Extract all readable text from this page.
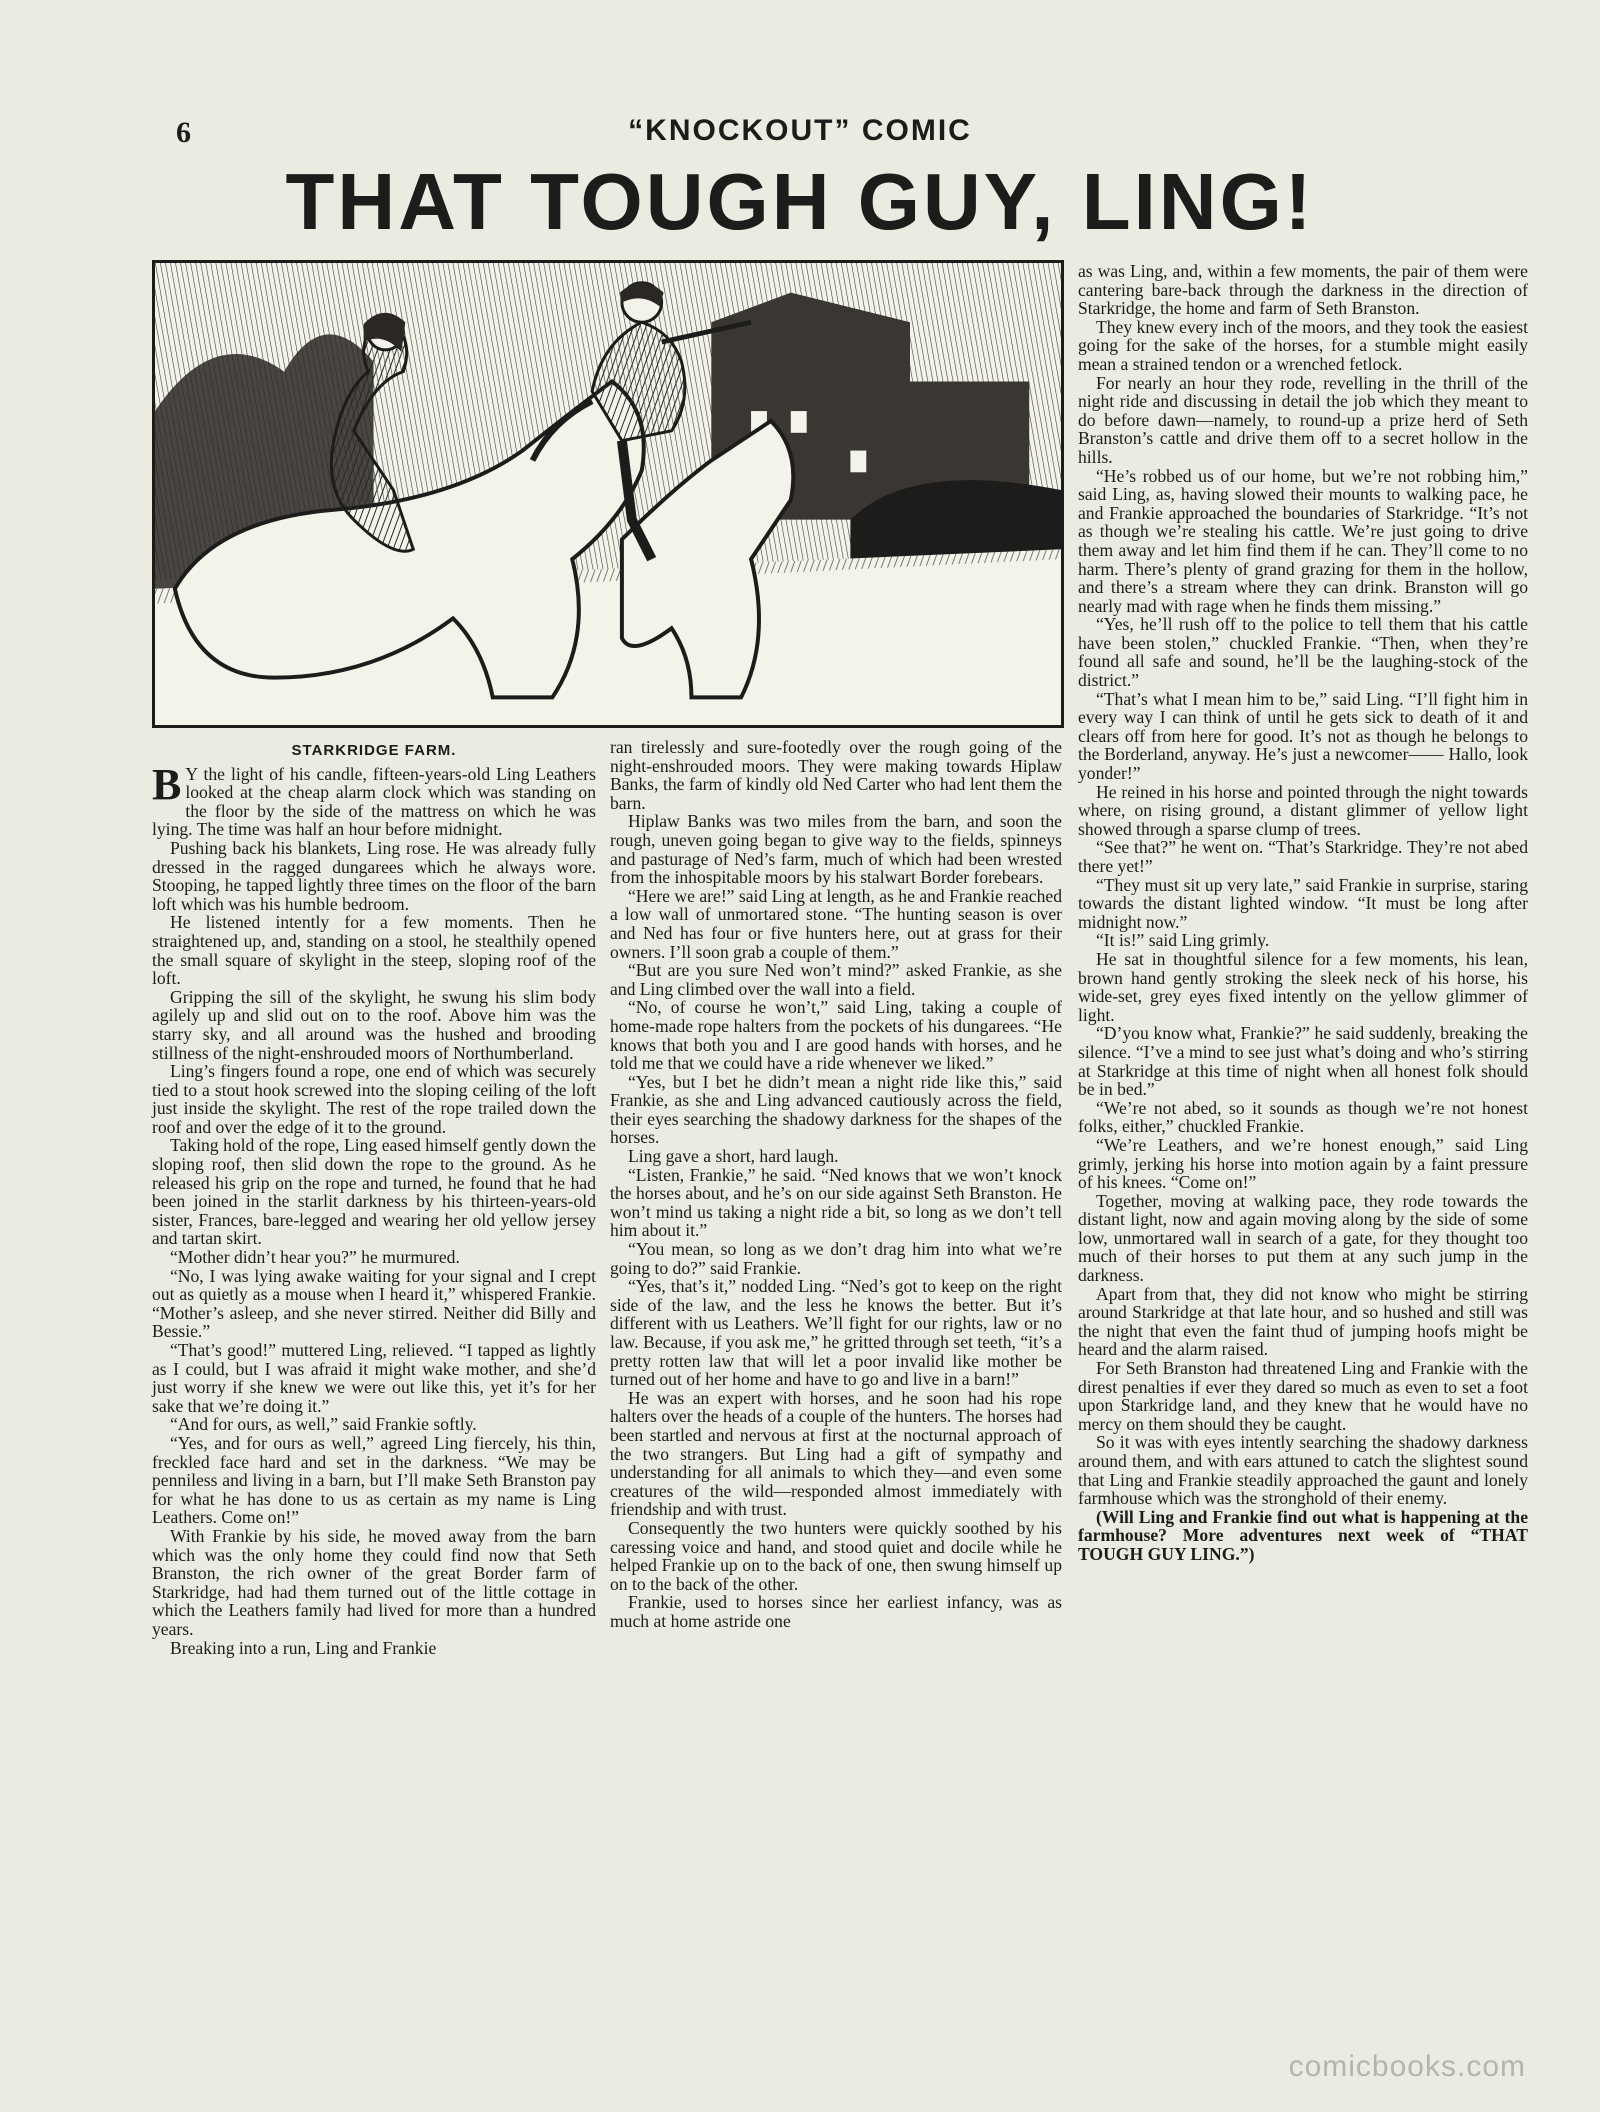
6	“KNOCKOUT” COMIC
THAT TOUGH GUY, LING!

STARKRIDGE FARM.

B Y the light of his candle, fifteen-years-old Ling Leathers looked at the cheap alarm clock which was standing on the floor by the side of the mattress on which he was lying. The time was half an hour before midnight.

Pushing back his blankets, Ling rose. He was already fully dressed in the ragged dungarees which he always wore. Stooping, he tapped lightly three times on the floor of the barn loft which was his humble bedroom.

He listened intently for a few moments. Then he straightened up, and, standing on a stool, he stealthily opened the small square of skylight in the steep, sloping roof of the loft.

Gripping the sill of the skylight, he swung his slim body agilely up and slid out on to the roof. Above him was the starry sky, and all around was the hushed and brooding stillness of the night-enshrouded moors of Northumberland.

Ling’s fingers found a rope, one end of which was securely tied to a stout hook screwed into the sloping ceiling of the loft just inside the skylight. The rest of the rope trailed down the roof and over the edge of it to the ground.

Taking hold of the rope, Ling eased himself gently down the sloping roof, then slid down the rope to the ground. As he released his grip on the rope and turned, he found that he had been joined in the starlit darkness by his thirteen-years-old sister, Frances, bare-legged and wearing her old yellow jersey and tartan skirt.

“Mother didn’t hear you?” he murmured.

“No, I was lying awake waiting for your signal and I crept out as quietly as a mouse when I heard it,” whispered Frankie. “Mother’s asleep, and she never stirred. Neither did Billy and Bessie.”

“That’s good!” muttered Ling, relieved. “I tapped as lightly as I could, but I was afraid it might wake mother, and she’d just worry if she knew we were out like this, yet it’s for her sake that we’re doing it.”

“And for ours, as well,” said Frankie softly.

“Yes, and for ours as well,” agreed Ling fiercely, his thin, freckled face hard and set in the darkness. “We may be penniless and living in a barn, but I’ll make Seth Branston pay for what he has done to us as certain as my name is Ling Leathers. Come on!”

With Frankie by his side, he moved away from the barn which was the only home they could find now that Seth Branston, the rich owner of the great Border farm of Starkridge, had had them turned out of the little cottage in which the Leathers family had lived for more than a hundred years.

Breaking into a run, Ling and Frankie

ran tirelessly and sure-footedly over the rough going of the night-enshrouded moors. They were making towards Hiplaw Banks, the farm of kindly old Ned Carter who had lent them the barn.

Hiplaw Banks was two miles from the barn, and soon the rough, uneven going began to give way to the fields, spinneys and pasturage of Ned’s farm, much of which had been wrested from the inhospitable moors by his stalwart Border forebears.

“Here we are!” said Ling at length, as he and Frankie reached a low wall of unmortared stone. “The hunting season is over and Ned has four or five hunters here, out at grass for their owners. I’ll soon grab a couple of them.”

“But are you sure Ned won’t mind?” asked Frankie, as she and Ling climbed over the wall into a field.

“No, of course he won’t,” said Ling, taking a couple of home-made rope halters from the pockets of his dungarees. “He knows that both you and I are good hands with horses, and he told me that we could have a ride whenever we liked.”

“Yes, but I bet he didn’t mean a night ride like this,” said Frankie, as she and Ling advanced cautiously across the field, their eyes searching the shadowy darkness for the shapes of the horses.

Ling gave a short, hard laugh.

“Listen, Frankie,” he said. “Ned knows that we won’t knock the horses about, and he’s on our side against Seth Branston. He won’t mind us taking a night ride a bit, so long as we don’t tell him about it.”

“You mean, so long as we don’t drag him into what we’re going to do?” said Frankie.

“Yes, that’s it,” nodded Ling. “Ned’s got to keep on the right side of the law, and the less he knows the better. But it’s different with us Leathers. We’ll fight for our rights, law or no law. Because, if you ask me,” he gritted through set teeth, “it’s a pretty rotten law that will let a poor invalid like mother be turned out of her home and have to go and live in a barn!”

He was an expert with horses, and he soon had his rope halters over the heads of a couple of the hunters. The horses had been startled and nervous at first at the nocturnal approach of the two strangers. But Ling had a gift of sympathy and understanding for all animals to which they—and even some creatures of the wild—responded almost immediately with friendship and with trust.

Consequently the two hunters were quickly soothed by his caressing voice and hand, and stood quiet and docile while he helped Frankie up on to the back of one, then swung himself up on to the back of the other.

Frankie, used to horses since her earliest infancy, was as much at home astride one

as was Ling, and, within a few moments, the pair of them were cantering bare-back through the darkness in the direction of Starkridge, the home and farm of Seth Branston.

They knew every inch of the moors, and they took the easiest going for the sake of the horses, for a stumble might easily mean a strained tendon or a wrenched fetlock.

For nearly an hour they rode, revelling in the thrill of the night ride and discussing in detail the job which they meant to do before dawn—namely, to round-up a prize herd of Seth Branston’s cattle and drive them off to a secret hollow in the hills.

“He’s robbed us of our home, but we’re not robbing him,” said Ling, as, having slowed their mounts to walking pace, he and Frankie approached the boundaries of Starkridge. “It’s not as though we’re stealing his cattle. We’re just going to drive them away and let him find them if he can. They’ll come to no harm. There’s plenty of grand grazing for them in the hollow, and there’s a stream where they can drink. Branston will go nearly mad with rage when he finds them missing.”

“Yes, he’ll rush off to the police to tell them that his cattle have been stolen,” chuckled Frankie. “Then, when they’re found all safe and sound, he’ll be the laughing-stock of the district.”

“That’s what I mean him to be,” said Ling. “I’ll fight him in every way I can think of until he gets sick to death of it and clears off from here for good. It’s not as though he belongs to the Borderland, anyway. He’s just a newcomer—— Hallo, look yonder!”

He reined in his horse and pointed through the night towards where, on rising ground, a distant glimmer of yellow light showed through a sparse clump of trees.

“See that?” he went on. “That’s Starkridge. They’re not abed there yet!”

“They must sit up very late,” said Frankie in surprise, staring towards the distant lighted window. “It must be long after midnight now.”

“It is!” said Ling grimly.

He sat in thoughtful silence for a few moments, his lean, brown hand gently stroking the sleek neck of his horse, his wide-set, grey eyes fixed intently on the yellow glimmer of light.

“D’you know what, Frankie?” he said suddenly, breaking the silence. “I’ve a mind to see just what’s doing and who’s stirring at Starkridge at this time of night when all honest folk should be in bed.”

“We’re not abed, so it sounds as though we’re not honest folks, either,” chuckled Frankie.

“We’re Leathers, and we’re honest enough,” said Ling grimly, jerking his horse into motion again by a faint pressure of his knees. “Come on!”

Together, moving at walking pace, they rode towards the distant light, now and again moving along by the side of some low, unmortared wall in search of a gate, for they thought too much of their horses to put them at any such jump in the darkness.

Apart from that, they did not know who might be stirring around Starkridge at that late hour, and so hushed and still was the night that even the faint thud of jumping hoofs might be heard and the alarm raised.

For Seth Branston had threatened Ling and Frankie with the direst penalties if ever they dared so much as even to set a foot upon Starkridge land, and they knew that he would have no mercy on them should they be caught.

So it was with eyes intently searching the shadowy darkness around them, and with ears attuned to catch the slightest sound that Ling and Frankie steadily approached the gaunt and lonely farmhouse which was the stronghold of their enemy.

(Will Ling and Frankie find out what is happening at the farmhouse? More adventures next week of “THAT TOUGH GUY LING.”)

comicbooks.com
